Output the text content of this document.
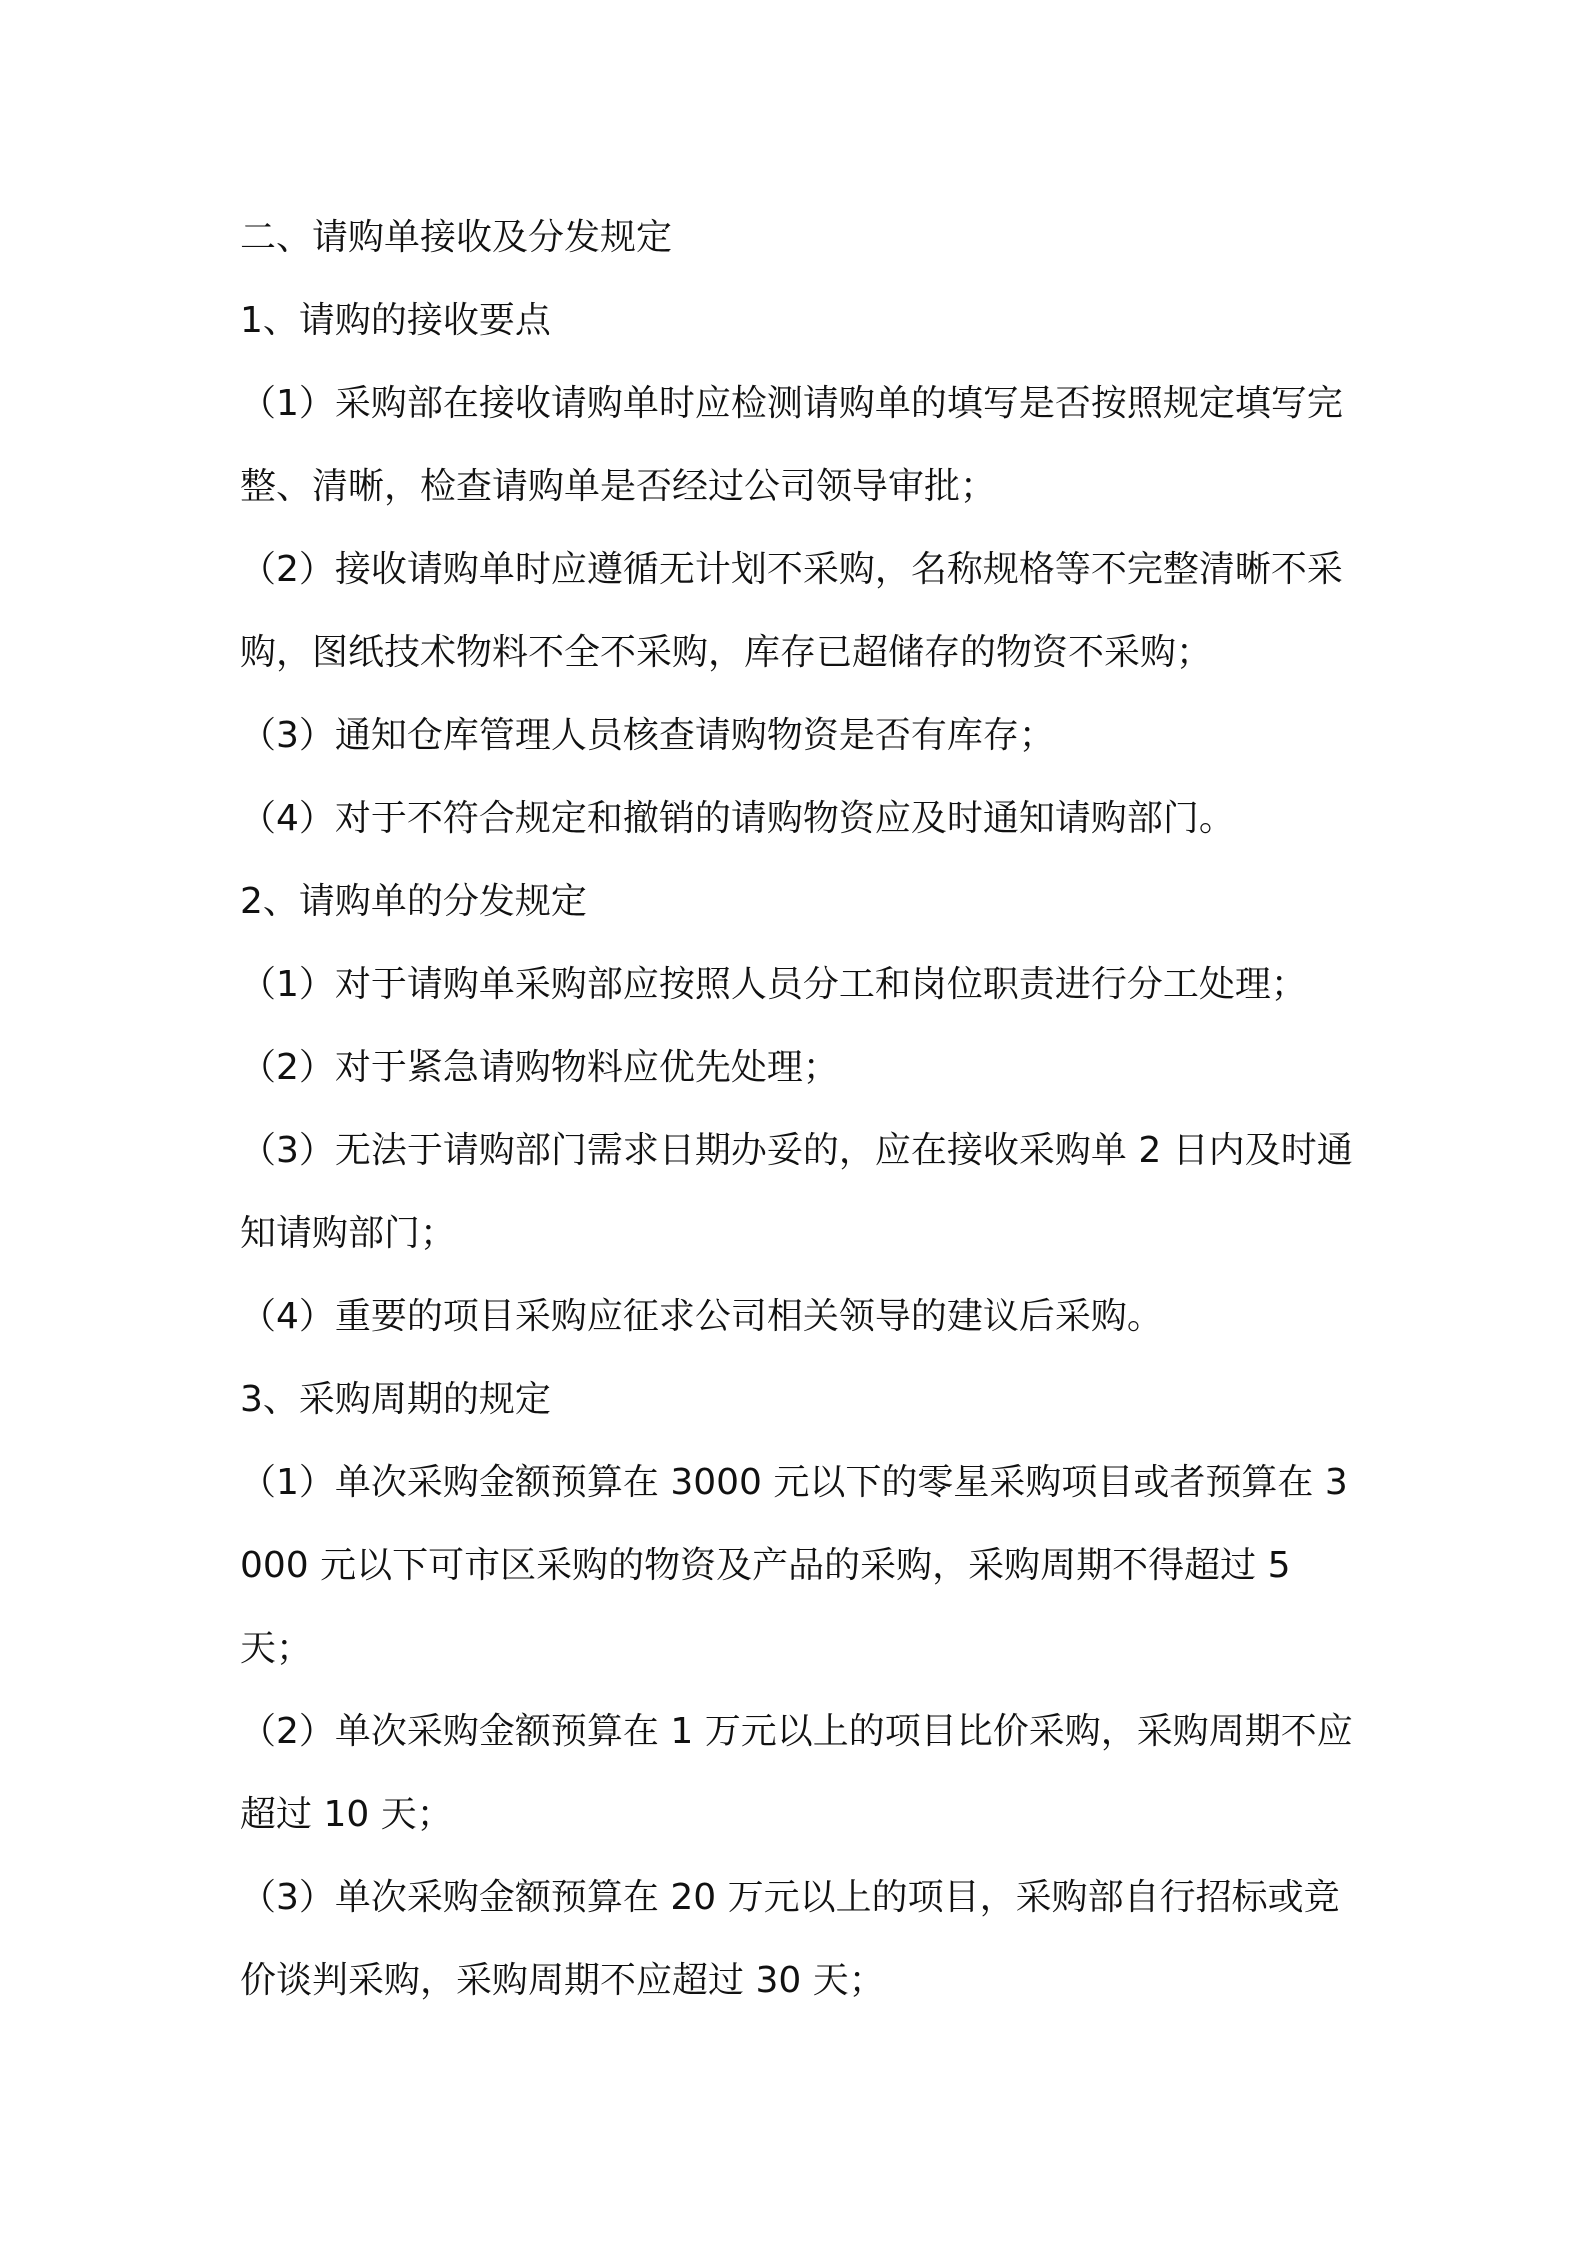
二、请购单接收及分发规定

1、请购的接收要点

（1）采购部在接收请购单时应检测请购单的填写是否按照规定填写完整、清晰，检查请购单是否经过公司领导审批；

（2）接收请购单时应遵循无计划不采购，名称规格等不完整清晰不采购，图纸技术物料不全不采购，库存已超储存的物资不采购；

（3）通知仓库管理人员核查请购物资是否有库存；

（4）对于不符合规定和撤销的请购物资应及时通知请购部门。

2、请购单的分发规定

（1）对于请购单采购部应按照人员分工和岗位职责进行分工处理；

（2）对于紧急请购物料应优先处理；

（3）无法于请购部门需求日期办妥的，应在接收采购单 2 日内及时通知请购部门；

（4）重要的项目采购应征求公司相关领导的建议后采购。

3、采购周期的规定

（1）单次采购金额预算在 3000 元以下的零星采购项目或者预算在 3000 元以下可市区采购的物资及产品的采购，采购周期不得超过 5 天；

（2）单次采购金额预算在 1 万元以上的项目比价采购，采购周期不应超过 10 天；

（3）单次采购金额预算在 20 万元以上的项目，采购部自行招标或竞价谈判采购，采购周期不应超过 30 天；
